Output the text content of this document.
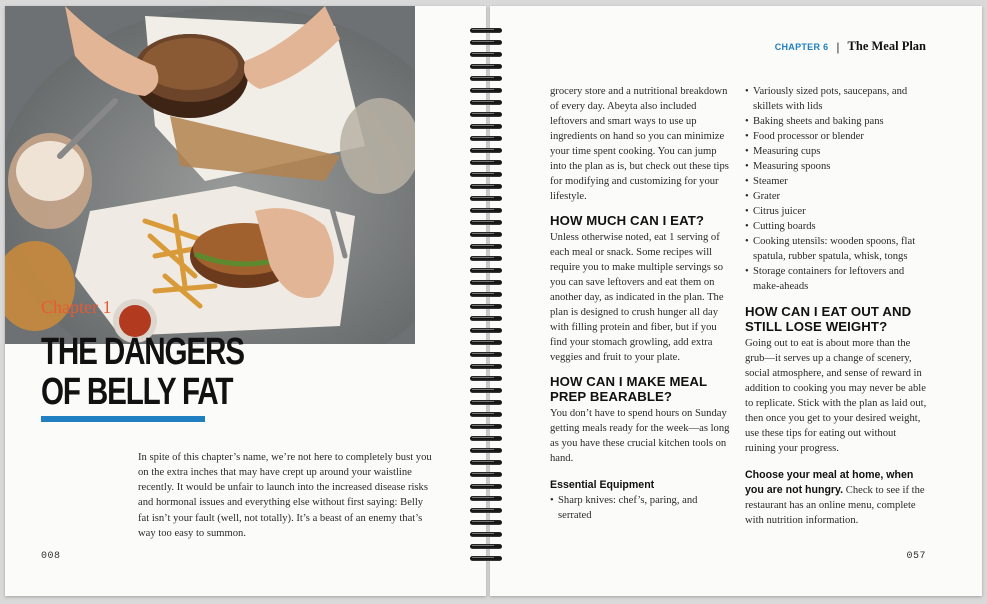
Chapter 1
THE DANGERS
OF BELLY FAT

In spite of this chapter’s name, we’re not here to completely bust you on the extra inches that may have crept up around your waistline recently. It would be unfair to launch into the increased disease risks and hormonal issues and everything else without first saying: Belly fat isn’t your fault (well, not totally). It’s a beast of an enemy that’s way too easy to summon.

008
CHAPTER 6 | The Meal Plan

grocery store and a nutritional breakdown of every day. Abeyta also included leftovers and smart ways to use up ingredients on hand so you can minimize your time spent cooking. You can jump into the plan as is, but check out these tips for modifying and customizing for your lifestyle.

HOW MUCH CAN I EAT?

Unless otherwise noted, eat 1 serving of each meal or snack. Some recipes will require you to make multiple servings so you can save leftovers and eat them on another day, as indicated in the plan. The plan is designed to crush hunger all day with filling protein and fiber, but if you find your stomach growling, add extra veggies and fruit to your plate.

HOW CAN I MAKE MEAL PREP BEARABLE?

You don’t have to spend hours on Sunday getting meals ready for the week—as long as you have these crucial kitchen tools on hand.

Essential Equipment
• Sharp knives: chef’s, paring, and serrated
• Variously sized pots, saucepans, and skillets with lids
• Baking sheets and baking pans
• Food processor or blender
• Measuring cups
• Measuring spoons
• Steamer
• Grater
• Citrus juicer
• Cutting boards
• Cooking utensils: wooden spoons, flat spatula, rubber spatula, whisk, tongs
• Storage containers for leftovers and make-aheads
HOW CAN I EAT OUT AND STILL LOSE WEIGHT?

Going out to eat is about more than the grub—it serves up a change of scenery, social atmosphere, and sense of reward in addition to cooking you may never be able to replicate. Stick with the plan as laid out, then once you get to your desired weight, use these tips for eating out without ruining your progress.

Choose your meal at home, when you are not hungry. Check to see if the restaurant has an online menu, complete with nutrition information.

057
